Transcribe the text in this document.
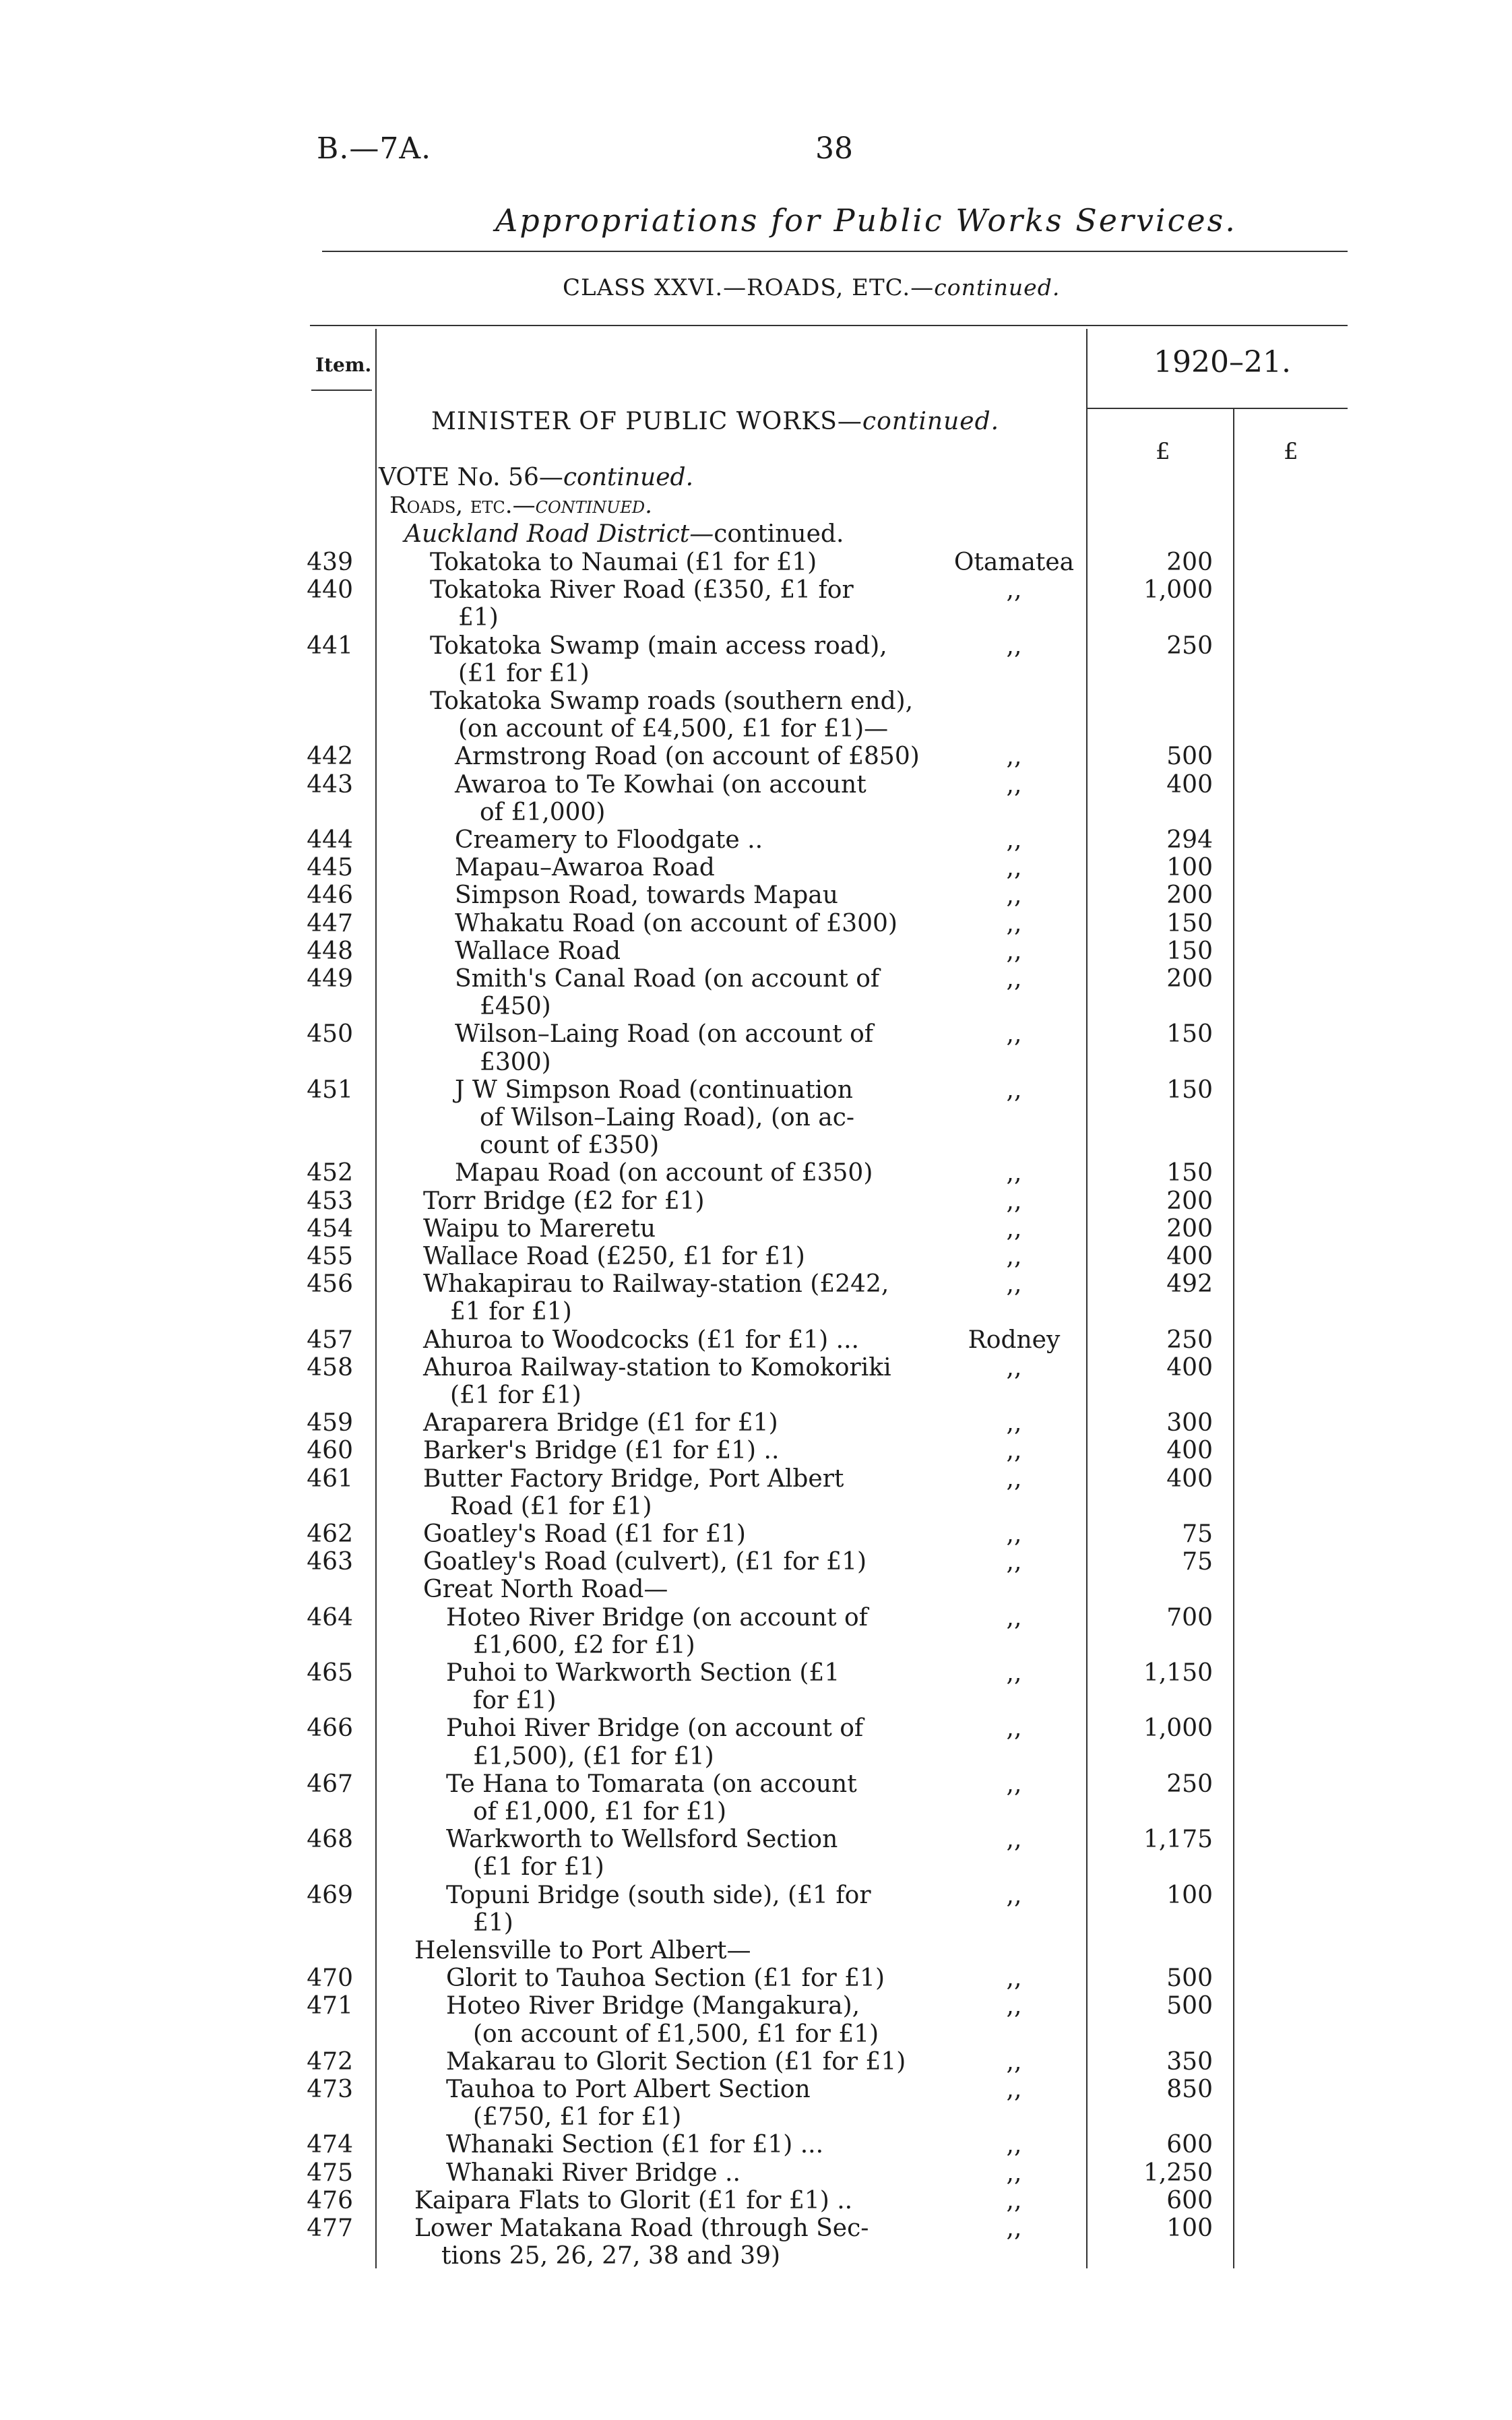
B.—7A.	38
Appropriations for Public Works Services.
CLASS XXVI.—ROADS, ETC.—continued.
Item.	1920–21.
£	£
MINISTER OF PUBLIC WORKS—continued.
VOTE No. 56—continued.
Roads, etc.—continued.
Auckland Road District—continued.
439	Tokatoka to Naumai (£1 for £1)	Otamatea	200
440	Tokatoka River Road (£350, £1 for	,,	1,000
£1)
441	Tokatoka Swamp (main access road),	,,	250
(£1 for £1)
Tokatoka Swamp roads (southern end),
(on account of £4,500, £1 for £1)—
442	Armstrong Road (on account of £850)	,,	500
443	Awaroa to Te Kowhai (on account	,,	400
of £1,000)
444	Creamery to Floodgate ..	,,	294
445	Mapau–Awaroa Road	,,	100
446	Simpson Road, towards Mapau	,,	200
447	Whakatu Road (on account of £300)	,,	150
448	Wallace Road	,,	150
449	Smith's Canal Road (on account of	,,	200
£450)
450	Wilson–Laing Road (on account of	,,	150
£300)
451	J W Simpson Road (continuation	,,	150
of Wilson–Laing Road), (on ac-
count of £350)
452	Mapau Road (on account of £350)	,,	150
453	Torr Bridge (£2 for £1)	,,	200
454	Waipu to Mareretu	,,	200
455	Wallace Road (£250, £1 for £1)	,,	400
456	Whakapirau to Railway-station (£242,	,,	492
£1 for £1)
457	Ahuroa to Woodcocks (£1 for £1) ...	Rodney	250
458	Ahuroa Railway-station to Komokoriki	,,	400
(£1 for £1)
459	Araparera Bridge (£1 for £1)	,,	300
460	Barker's Bridge (£1 for £1) ..	,,	400
461	Butter Factory Bridge, Port Albert	,,	400
Road (£1 for £1)
462	Goatley's Road (£1 for £1)	,,	75
463	Goatley's Road (culvert), (£1 for £1)	,,	75
Great North Road—
464	Hoteo River Bridge (on account of	,,	700
£1,600, £2 for £1)
465	Puhoi to Warkworth Section (£1	,,	1,150
for £1)
466	Puhoi River Bridge (on account of	,,	1,000
£1,500), (£1 for £1)
467	Te Hana to Tomarata (on account	,,	250
of £1,000, £1 for £1)
468	Warkworth to Wellsford Section	,,	1,175
(£1 for £1)
469	Topuni Bridge (south side), (£1 for	,,	100
£1)
Helensville to Port Albert—
470	Glorit to Tauhoa Section (£1 for £1)	,,	500
471	Hoteo River Bridge (Mangakura),	,,	500
(on account of £1,500, £1 for £1)
472	Makarau to Glorit Section (£1 for £1)	,,	350
473	Tauhoa to Port Albert Section	,,	850
(£750, £1 for £1)
474	Whanaki Section (£1 for £1) ...	,,	600
475	Whanaki River Bridge ..	,,	1,250
476	Kaipara Flats to Glorit (£1 for £1) ..	,,	600
477	Lower Matakana Road (through Sec-	,,	100
tions 25, 26, 27, 38 and 39)
